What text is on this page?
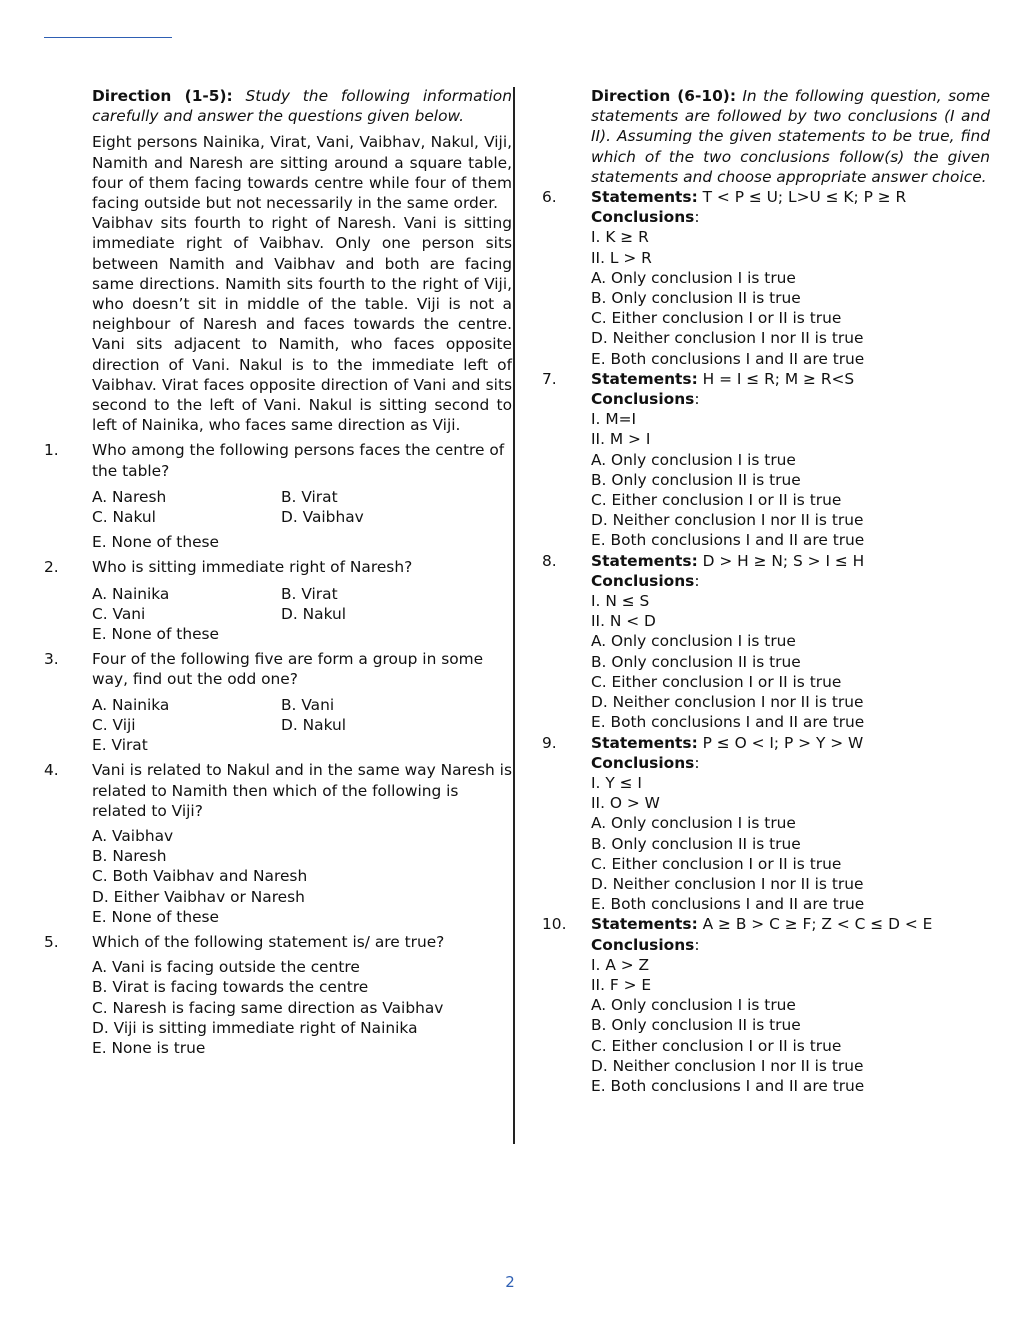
Direction (1-5): Study the following information carefully and answer the questions given below.
Eight persons Nainika, Virat, Vani, Vaibhav, Nakul, Viji, Namith and Naresh are sitting around a square table, four of them facing towards centre while four of them facing outside but not necessarily in the same order.
Vaibhav sits fourth to right of Naresh. Vani is sitting immediate right of Vaibhav. Only one person sits between Namith and Vaibhav and both are facing same directions. Namith sits fourth to the right of Viji, who doesn’t sit in middle of the table. Viji is not a neighbour of Naresh and faces towards the centre. Vani sits adjacent to Namith, who faces opposite direction of Vani. Nakul is to the immediate left of Vaibhav. Virat faces opposite direction of Vani and sits second to the left of Vani. Nakul is sitting second to left of Nainika, who faces same direction as Viji.
1.	Who among the following persons faces the centre of the table?
A. Naresh	B. Virat
C. Nakul	D. Vaibhav
E. None of these
2.	Who is sitting immediate right of Naresh?
A. Nainika	B. Virat
C. Vani	D. Nakul
E. None of these
3.	Four of the following five are form a group in some way, find out the odd one?
A. Nainika	B. Vani
C. Viji	D. Nakul
E. Virat
4.	Vani is related to Nakul and in the same way Naresh is related to Namith then which of the following is related to Viji?
A. Vaibhav
B. Naresh
C. Both Vaibhav and Naresh
D. Either Vaibhav or Naresh
E. None of these
5.	Which of the following statement is/ are true?
A. Vani is facing outside the centre
B. Virat is facing towards the centre
C. Naresh is facing same direction as Vaibhav
D. Viji is sitting immediate right of Nainika
E. None is true
Direction (6-10): In the following question, some statements are followed by two conclusions (I and II). Assuming the given statements to be true, find which of the two conclusions follow(s) the given statements and choose appropriate answer choice.
6.	Statements: T < P ≤ U; L>U ≤ K; P ≥ R
Conclusions:
I. K ≥ R
II. L > R
A. Only conclusion I is true
B. Only conclusion II is true
C. Either conclusion I or II is true
D. Neither conclusion I nor II is true
E. Both conclusions I and II are true
7.	Statements: H = I ≤ R; M ≥ R<S
Conclusions:
I. M=I
II. M > I
A. Only conclusion I is true
B. Only conclusion II is true
C. Either conclusion I or II is true
D. Neither conclusion I nor II is true
E. Both conclusions I and II are true
8.	Statements: D > H ≥ N; S > I ≤ H
Conclusions:
I. N ≤ S
II. N < D
A. Only conclusion I is true
B. Only conclusion II is true
C. Either conclusion I or II is true
D. Neither conclusion I nor II is true
E. Both conclusions I and II are true
9.	Statements: P ≤ O < I; P > Y > W
Conclusions:
I. Y ≤ I
II. O > W
A. Only conclusion I is true
B. Only conclusion II is true
C. Either conclusion I or II is true
D. Neither conclusion I nor II is true
E. Both conclusions I and II are true
10.	Statements: A ≥ B > C ≥ F; Z < C ≤ D < E
Conclusions:
I. A > Z
II. F > E
A. Only conclusion I is true
B. Only conclusion II is true
C. Either conclusion I or II is true
D. Neither conclusion I nor II is true
E. Both conclusions I and II are true
2
